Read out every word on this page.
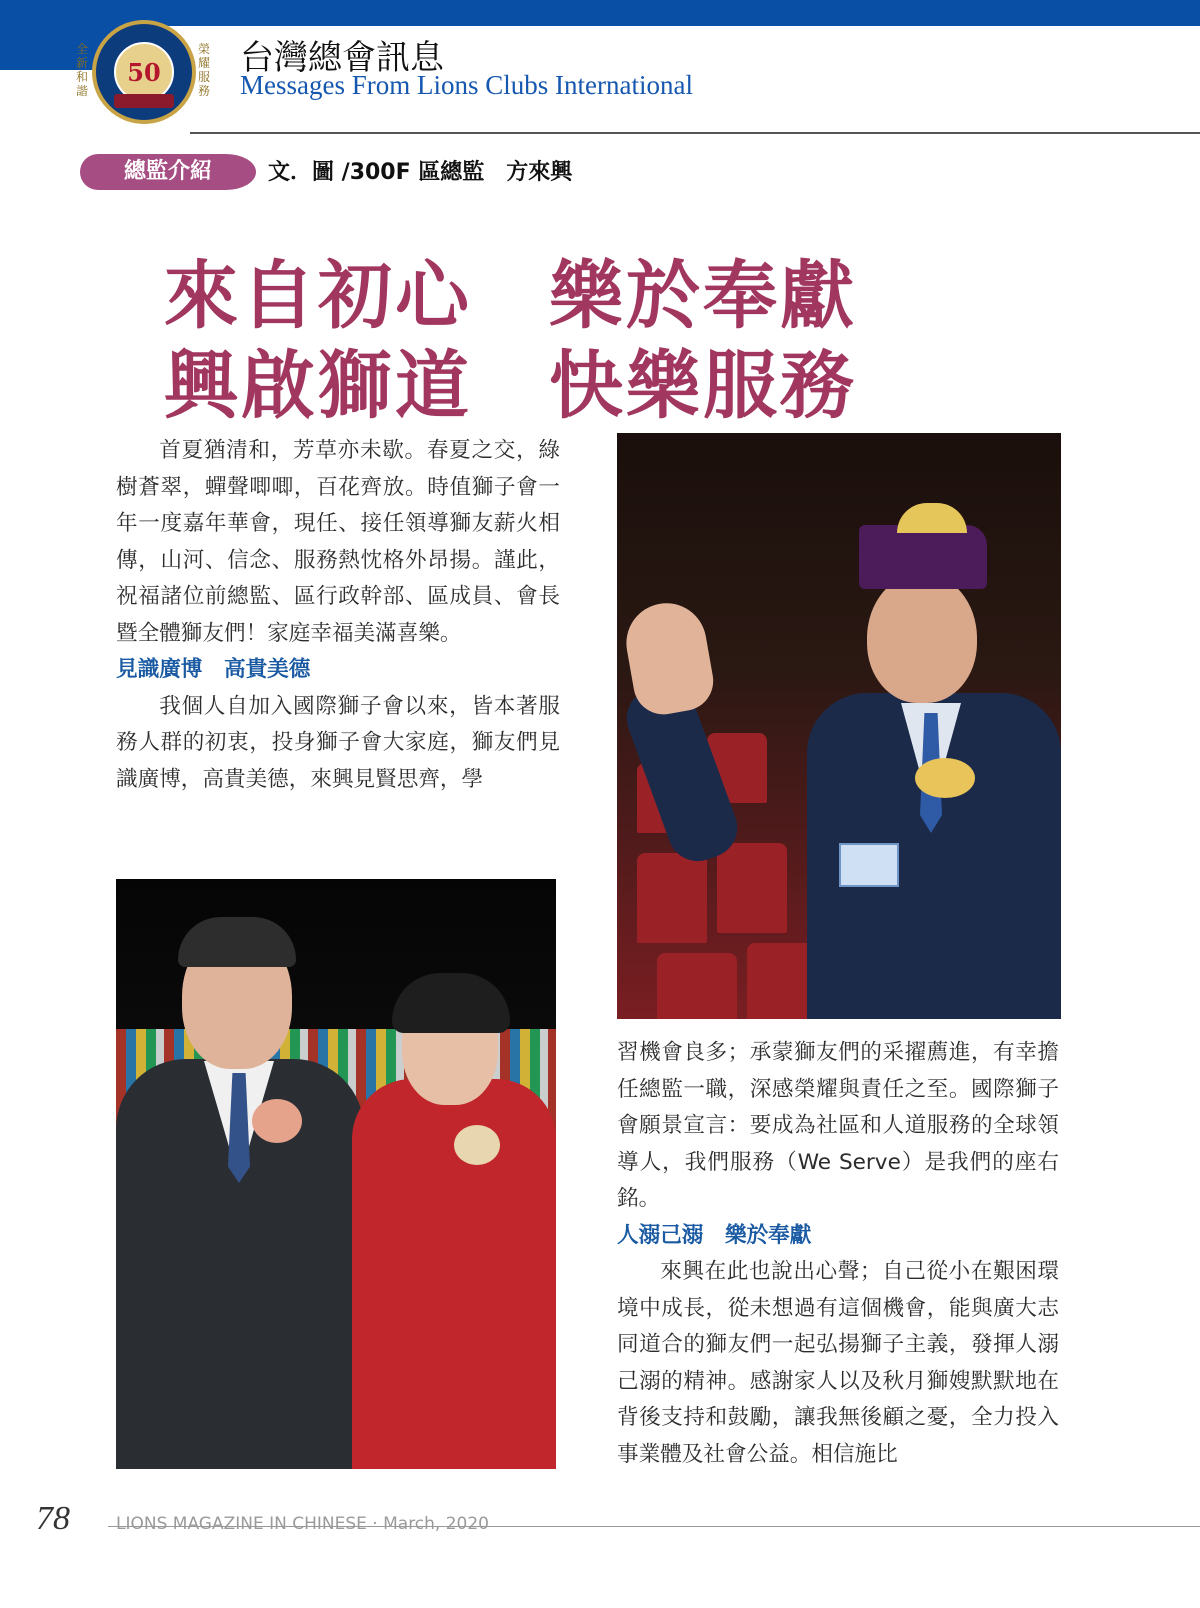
全新和諧
50
榮耀服務
台灣總會訊息
Messages From Lions Clubs International
總監介紹	文．圖 /300F 區總監　方來興
來自初心　樂於奉獻
興啟獅道　快樂服務

首夏猶清和，芳草亦未歇。春夏之交，綠樹蒼翠，蟬聲唧唧，百花齊放。時值獅子會一年一度嘉年華會，現任、接任領導獅友薪火相傳，山河、信念、服務熱忱格外昂揚。謹此，祝福諸位前總監、區行政幹部、區成員、會長暨全體獅友們！家庭幸福美滿喜樂。

見識廣博　高貴美德

我個人自加入國際獅子會以來，皆本著服務人群的初衷，投身獅子會大家庭，獅友們見識廣博，高貴美德，來興見賢思齊，學

習機會良多；承蒙獅友們的采擢薦進，有幸擔任總監一職，深感榮耀與責任之至。國際獅子會願景宣言：要成為社區和人道服務的全球領導人，我們服務（We Serve）是我們的座右銘。

人溺己溺　樂於奉獻

來興在此也說出心聲；自己從小在艱困環境中成長，從未想過有這個機會，能與廣大志同道合的獅友們一起弘揚獅子主義，發揮人溺己溺的精神。感謝家人以及秋月獅嫂默默地在背後支持和鼓勵，讓我無後顧之憂，全力投入事業體及社會公益。相信施比

78	LIONS MAGAZINE IN CHINESE · March, 2020
